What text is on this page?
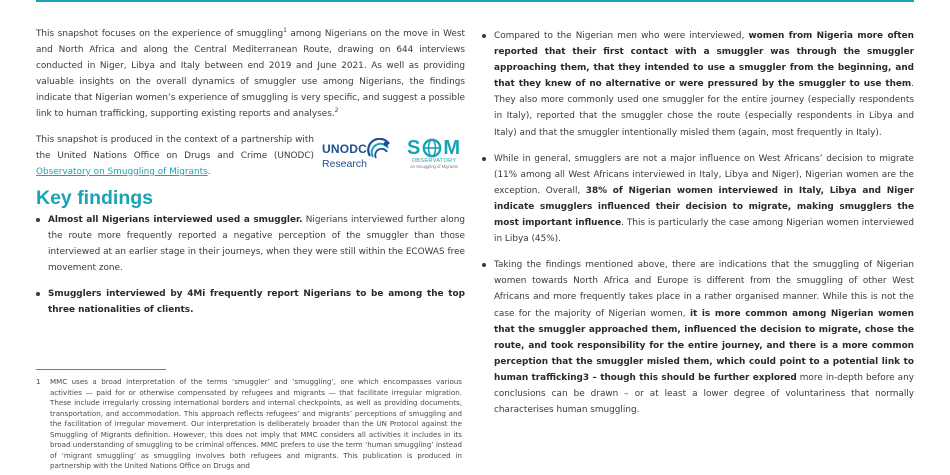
This snapshot focuses on the experience of smuggling$^1$ among Nigerians on the move in West and North Africa and along the Central Mediterranean Route, drawing on 644 interviews conducted in Niger, Libya and Italy between end 2019 and June 2021. As well as providing valuable insights on the overall dynamics of smuggler use among Nigerians, the findings indicate that Nigerian women’s experience of smuggling is very specific, and suggest a possible link to human trafficking, supporting existing reports and analyses.$^2$

This snapshot is produced in the context of a partnership with the United Nations Office on Drugs and Crime (UNODC) Observatory on Smuggling of Migrants.

UNODC
Research
S M
OBSERVATORY
on Smuggling of Migrants
Key findings
Almost all Nigerians interviewed used a smuggler. Nigerians interviewed further along the route more frequently reported a negative perception of the smuggler than those interviewed at an earlier stage in their journeys, when they were still within the ECOWAS free movement zone.
Smugglers interviewed by 4Mi frequently report Nigerians to be among the top three nationalities of clients.
1	MMC uses a broad interpretation of the terms ‘smuggler’ and ‘smuggling’, one which encompasses various activities — paid for or otherwise compensated by refugees and migrants — that facilitate irregular migration. These include irregularly crossing international borders and internal checkpoints, as well as providing documents, transportation, and accommodation. This approach reflects refugees’ and migrants’ perceptions of smuggling and the facilitation of irregular movement. Our interpretation is deliberately broader than the UN Protocol against the Smuggling of Migrants definition. However, this does not imply that MMC considers all activities it includes in its broad understanding of smuggling to be criminal offences. MMC prefers to use the term ‘human smuggling’ instead of ‘migrant smuggling’ as smuggling involves both refugees and migrants. This publication is produced in partnership with the United Nations Office on Drugs and
Compared to the Nigerian men who were interviewed, women from Nigeria more often reported that their first contact with a smuggler was through the smuggler approaching them, that they intended to use a smuggler from the beginning, and that they knew of no alternative or were pressured by the smuggler to use them. They also more commonly used one smuggler for the entire journey (especially respondents in Italy), reported that the smuggler chose the route (especially respondents in Libya and Italy) and that the smuggler intentionally misled them (again, most frequently in Italy).
While in general, smugglers are not a major influence on West Africans’ decision to migrate (11% among all West Africans interviewed in Italy, Libya and Niger), Nigerian women are the exception. Overall, 38% of Nigerian women interviewed in Italy, Libya and Niger indicate smugglers influenced their decision to migrate, making smugglers the most important influence. This is particularly the case among Nigerian women interviewed in Libya (45%).
Taking the findings mentioned above, there are indications that the smuggling of Nigerian women towards North Africa and Europe is different from the smuggling of other West Africans and more frequently takes place in a rather organised manner. While this is not the case for the majority of Nigerian women, it is more common among Nigerian women that the smuggler approached them, influenced the decision to migrate, chose the route, and took responsibility for the entire journey, and there is a more common perception that the smuggler misled them, which could point to a potential link to human trafficking3 – though this should be further explored more in-depth before any conclusions can be drawn – or at least a lower degree of voluntariness that normally characterises human smuggling.
